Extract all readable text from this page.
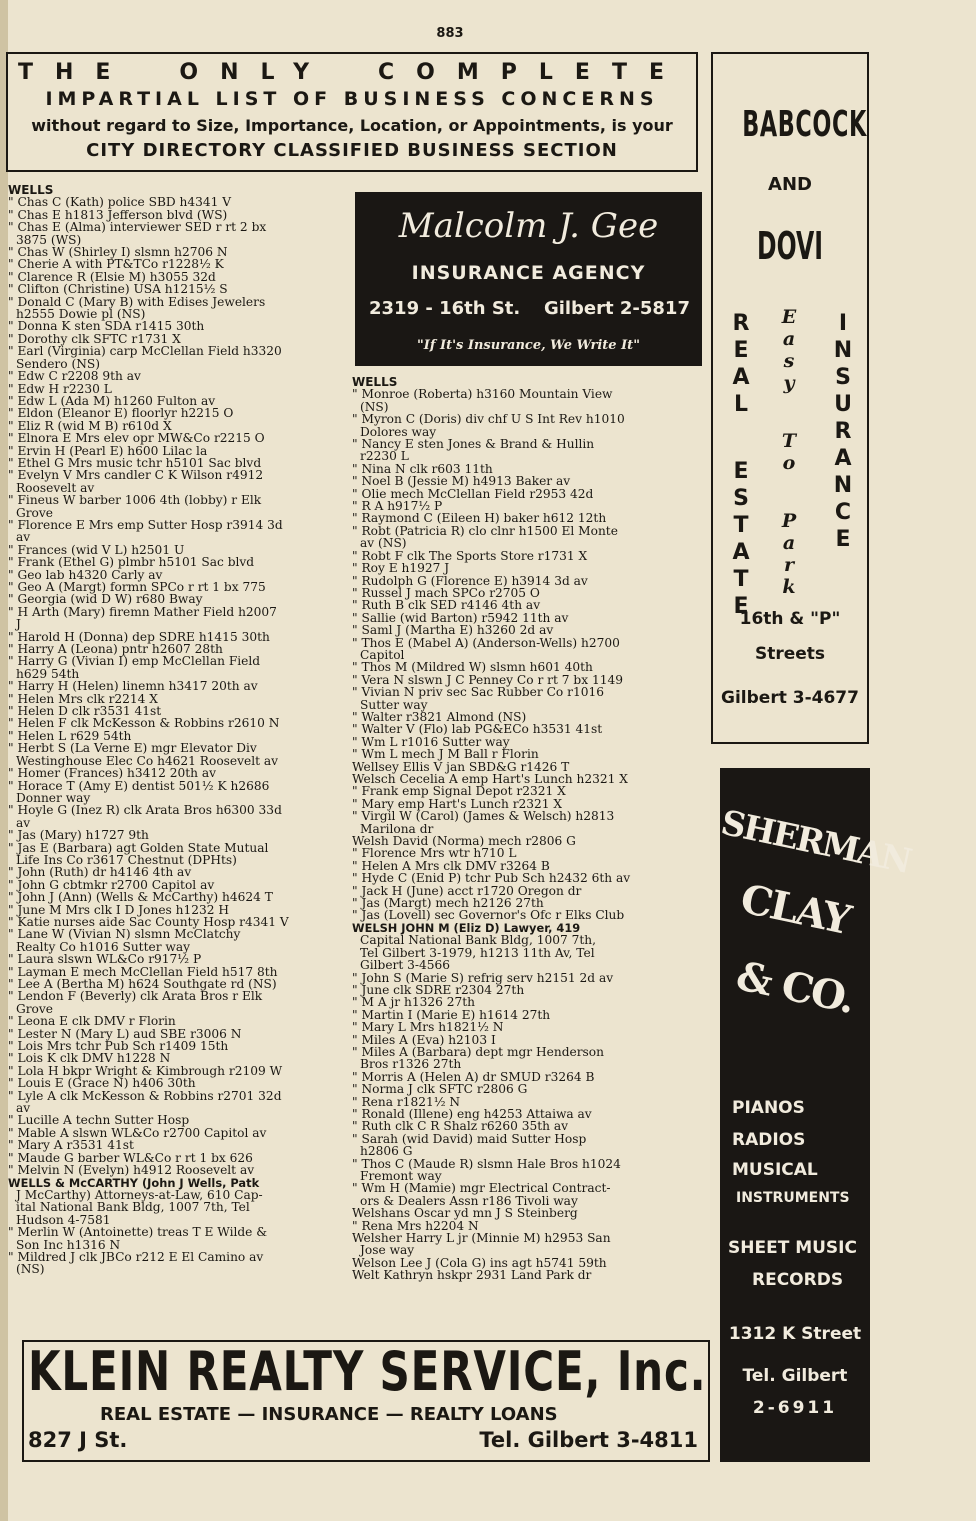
883
THE ONLY COMPLETE
IMPARTIAL LIST OF BUSINESS CONCERNS
without regard to Size, Importance, Location, or Appointments, is your
CITY DIRECTORY CLASSIFIED BUSINESS SECTION
WELLS
" Chas C (Kath) police SBD h4341 V
" Chas E h1813 Jefferson blvd (WS)
" Chas E (Alma) interviewer SED r rt 2 bx
3875 (WS)
" Chas W (Shirley I) slsmn h2706 N
" Cherie A with PT&TCo r1228½ K
" Clarence R (Elsie M) h3055 32d
" Clifton (Christine) USA h1215½ S
" Donald C (Mary B) with Edises Jewelers
h2555 Dowie pl (NS)
" Donna K sten SDA r1415 30th
" Dorothy clk SFTC r1731 X
" Earl (Virginia) carp McClellan Field h3320
Sendero (NS)
" Edw C r2208 9th av
" Edw H r2230 L
" Edw L (Ada M) h1260 Fulton av
" Eldon (Eleanor E) floorlyr h2215 O
" Eliz R (wid M B) r610d X
" Elnora E Mrs elev opr MW&Co r2215 O
" Ervin H (Pearl E) h600 Lilac la
" Ethel G Mrs music tchr h5101 Sac blvd
" Evelyn V Mrs candler C K Wilson r4912
Roosevelt av
" Fineus W barber 1006 4th (lobby) r Elk
Grove
" Florence E Mrs emp Sutter Hosp r3914 3d
av
" Frances (wid V L) h2501 U
" Frank (Ethel G) plmbr h5101 Sac blvd
" Geo lab h4320 Carly av
" Geo A (Margt) formn SPCo r rt 1 bx 775
" Georgia (wid D W) r680 Bway
" H Arth (Mary) firemn Mather Field h2007
J
" Harold H (Donna) dep SDRE h1415 30th
" Harry A (Leona) pntr h2607 28th
" Harry G (Vivian I) emp McClellan Field
h629 54th
" Harry H (Helen) linemn h3417 20th av
" Helen Mrs clk r2214 X
" Helen D clk r3531 41st
" Helen F clk McKesson & Robbins r2610 N
" Helen L r629 54th
" Herbt S (La Verne E) mgr Elevator Div
Westinghouse Elec Co h4621 Roosevelt av
" Homer (Frances) h3412 20th av
" Horace T (Amy E) dentist 501½ K h2686
Donner way
" Hoyle G (Inez R) clk Arata Bros h6300 33d
av
" Jas (Mary) h1727 9th
" Jas E (Barbara) agt Golden State Mutual
Life Ins Co r3617 Chestnut (DPHts)
" John (Ruth) dr h4146 4th av
" John G cbtmkr r2700 Capitol av
" John J (Ann) (Wells & McCarthy) h4624 T
" June M Mrs clk I D Jones h1232 H
" Katie nurses aide Sac County Hosp r4341 V
" Lane W (Vivian N) slsmn McClatchy
Realty Co h1016 Sutter way
" Laura slswn WL&Co r917½ P
" Layman E mech McClellan Field h517 8th
" Lee A (Bertha M) h624 Southgate rd (NS)
" Lendon F (Beverly) clk Arata Bros r Elk
Grove
" Leona E clk DMV r Florin
" Lester N (Mary L) aud SBE r3006 N
" Lois Mrs tchr Pub Sch r1409 15th
" Lois K clk DMV h1228 N
" Lola H bkpr Wright & Kimbrough r2109 W
" Louis E (Grace N) h406 30th
" Lyle A clk McKesson & Robbins r2701 32d
av
" Lucille A techn Sutter Hosp
" Mable A slswn WL&Co r2700 Capitol av
" Mary A r3531 41st
" Maude G barber WL&Co r rt 1 bx 626
" Melvin N (Evelyn) h4912 Roosevelt av
WELLS & McCARTHY (John J Wells, Patk
J McCarthy) Attorneys-at-Law, 610 Cap-
ital National Bank Bldg, 1007 7th, Tel
Hudson 4-7581
" Merlin W (Antoinette) treas T E Wilde &
Son Inc h1316 N
" Mildred J clk JBCo r212 E El Camino av
(NS)
WELLS
" Monroe (Roberta) h3160 Mountain View
(NS)
" Myron C (Doris) div chf U S Int Rev h1010
Dolores way
" Nancy E sten Jones & Brand & Hullin
r2230 L
" Nina N clk r603 11th
" Noel B (Jessie M) h4913 Baker av
" Olie mech McClellan Field r2953 42d
" R A h917½ P
" Raymond C (Eileen H) baker h612 12th
" Robt (Patricia R) clo clnr h1500 El Monte
av (NS)
" Robt F clk The Sports Store r1731 X
" Roy E h1927 J
" Rudolph G (Florence E) h3914 3d av
" Russel J mach SPCo r2705 O
" Ruth B clk SED r4146 4th av
" Sallie (wid Barton) r5942 11th av
" Saml J (Martha E) h3260 2d av
" Thos E (Mabel A) (Anderson-Wells) h2700
Capitol
" Thos M (Mildred W) slsmn h601 40th
" Vera N slswn J C Penney Co r rt 7 bx 1149
" Vivian N priv sec Sac Rubber Co r1016
Sutter way
" Walter r3821 Almond (NS)
" Walter V (Flo) lab PG&ECo h3531 41st
" Wm L r1016 Sutter way
" Wm L mech J M Ball r Florin
Wellsey Ellis V jan SBD&G r1426 T
Welsch Cecelia A emp Hart's Lunch h2321 X
" Frank emp Signal Depot r2321 X
" Mary emp Hart's Lunch r2321 X
" Virgil W (Carol) (James & Welsch) h2813
Marilona dr
Welsh David (Norma) mech r2806 G
" Florence Mrs wtr h710 L
" Helen A Mrs clk DMV r3264 B
" Hyde C (Enid P) tchr Pub Sch h2432 6th av
" Jack H (June) acct r1720 Oregon dr
" Jas (Margt) mech h2126 27th
" Jas (Lovell) sec Governor's Ofc r Elks Club
WELSH JOHN M (Eliz D) Lawyer, 419
Capital National Bank Bldg, 1007 7th,
Tel Gilbert 3-1979, h1213 11th Av, Tel
Gilbert 3-4566
" John S (Marie S) refrig serv h2151 2d av
" June clk SDRE r2304 27th
" M A jr h1326 27th
" Martin I (Marie E) h1614 27th
" Mary L Mrs h1821½ N
" Miles A (Eva) h2103 I
" Miles A (Barbara) dept mgr Henderson
Bros r1326 27th
" Morris A (Helen A) dr SMUD r3264 B
" Norma J clk SFTC r2806 G
" Rena r1821½ N
" Ronald (Illene) eng h4253 Attaiwa av
" Ruth clk C R Shalz r6260 35th av
" Sarah (wid David) maid Sutter Hosp
h2806 G
" Thos C (Maude R) slsmn Hale Bros h1024
Fremont way
" Wm H (Mamie) mgr Electrical Contract-
ors & Dealers Assn r186 Tivoli way
Welshans Oscar yd mn J S Steinberg
" Rena Mrs h2204 N
Welsher Harry L jr (Minnie M) h2953 San
Jose way
Welson Lee J (Cola G) ins agt h5741 59th
Welt Kathryn hskpr 2931 Land Park dr
Malcolm J. Gee
INSURANCE AGENCY
2319 - 16th St. Gilbert 2-5817
"If It's Insurance, We Write It"
BABCOCK
AND
DOVI
R
E
A
L
E
S
T
A
T
E
E
a
s
y
T
o
P
a
r
k
I
N
S
U
R
A
N
C
E
16th & "P"
Streets
Gilbert 3-4677
SHERMAN
CLAY
& CO.
PIANOS
RADIOS
MUSICAL
INSTRUMENTS
SHEET MUSIC
RECORDS
1312 K Street
Tel. Gilbert
2-6911
KLEIN REALTY SERVICE, Inc.
REAL ESTATE — INSURANCE — REALTY LOANS
827 J St.	Tel. Gilbert 3-4811
